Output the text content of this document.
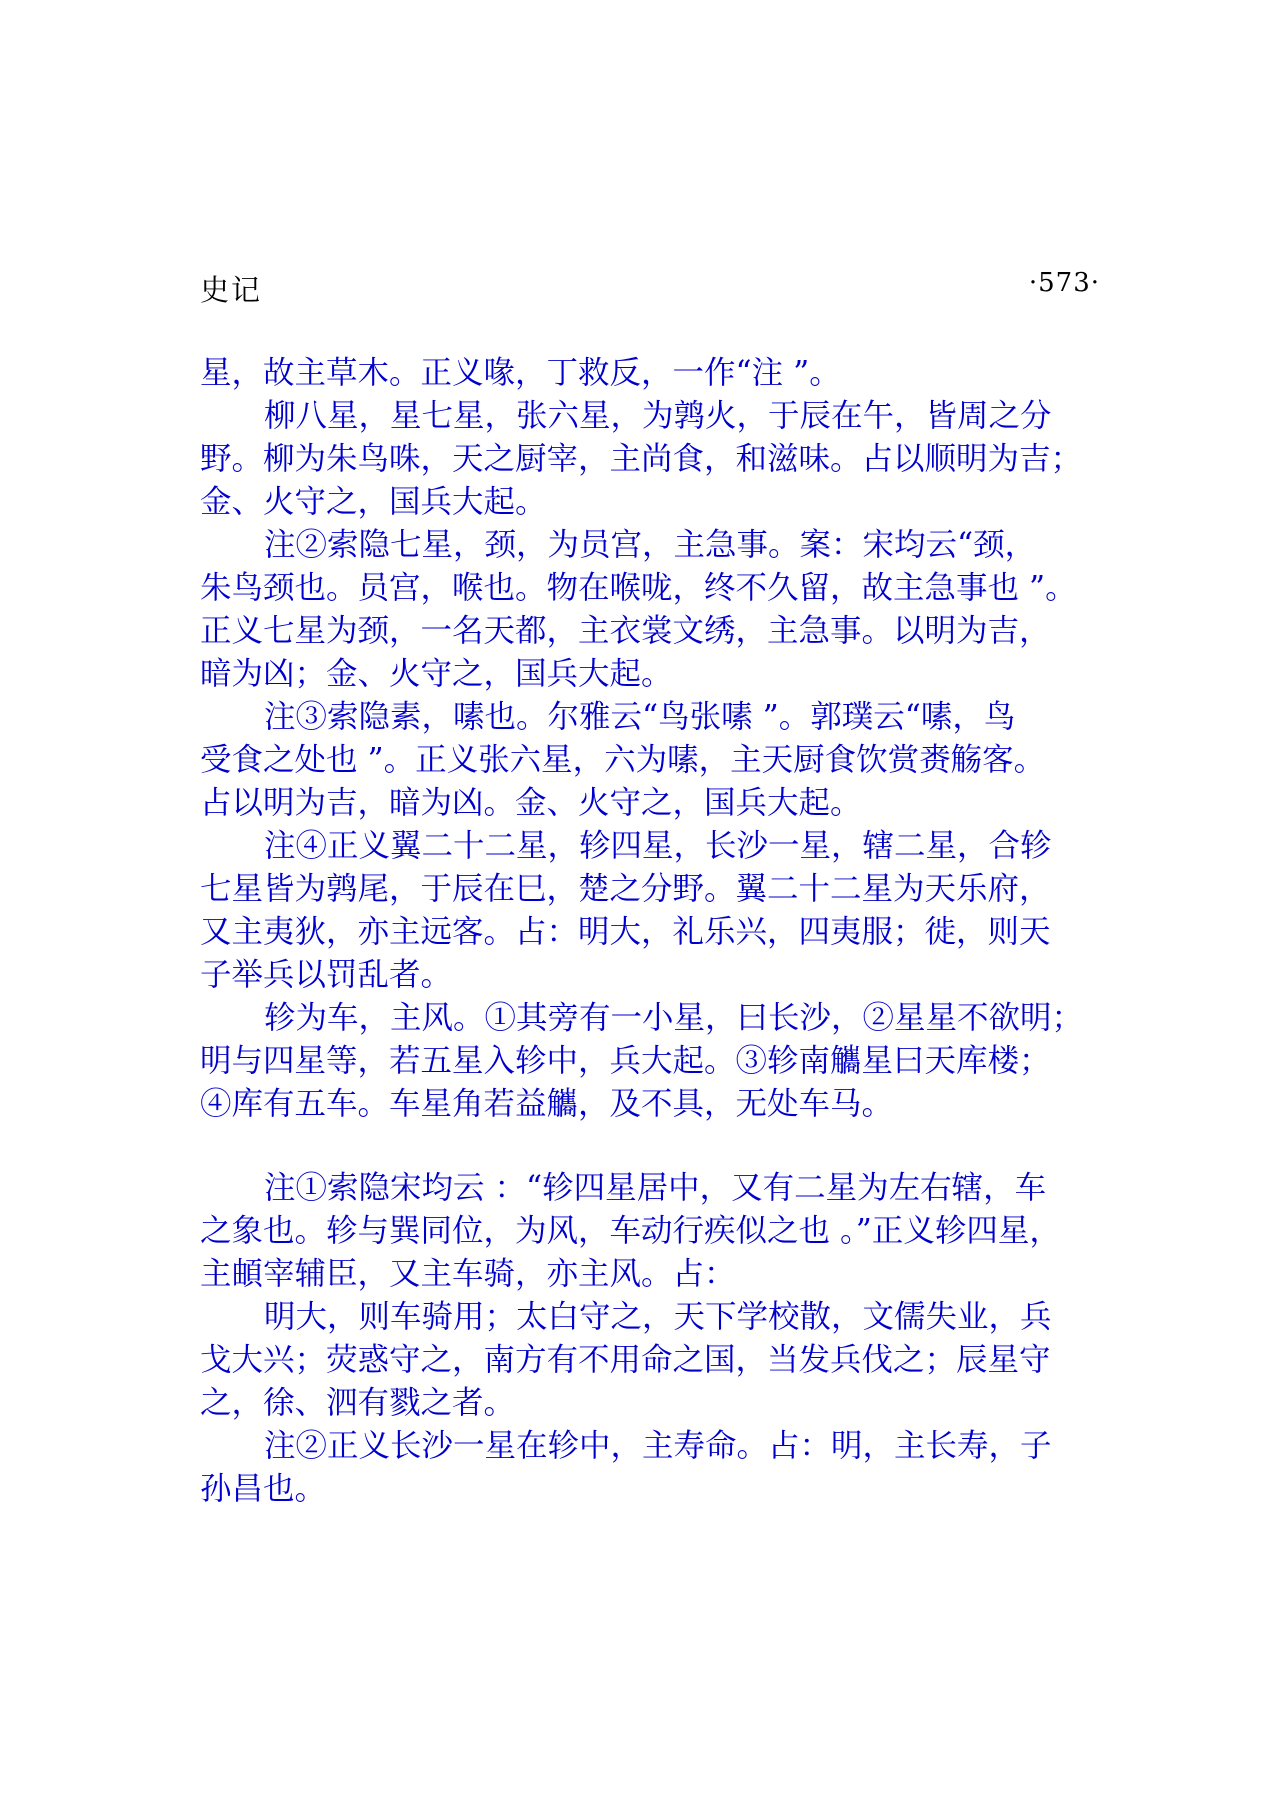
史记	·573·
星，故主草木。正义喙，丁救反，一作“注 ”。
柳八星，星七星，张六星，为鹑火，于辰在午，皆周之分
野。柳为朱鸟咮，天之厨宰，主尚食，和滋味。占以顺明为吉；
金、火守之，国兵大起。
注②索隐七星，颈，为员宫，主急事。案：宋均云“颈，
朱鸟颈也。员宫，喉也。物在喉咙，终不久留，故主急事也 ”。
正义七星为颈，一名天都，主衣裳文绣，主急事。以明为吉，
暗为凶；金、火守之，国兵大起。
注③索隐素，嗉也。尔雅云“鸟张嗉 ”。郭璞云“嗉，鸟
受食之处也 ”。正义张六星，六为嗉，主天厨食饮赏赉觞客。
占以明为吉，暗为凶。金、火守之，国兵大起。
注④正义翼二十二星，轸四星，长沙一星，辖二星，合轸
七星皆为鹑尾，于辰在巳，楚之分野。翼二十二星为天乐府，
又主夷狄，亦主远客。占：明大，礼乐兴，四夷服；徙，则天
子举兵以罚乱者。
轸为车，主风。①其旁有一小星，曰长沙，②星星不欲明；
明与四星等，若五星入轸中，兵大起。③轸南觿星曰天库楼；
④库有五车。车星角若益觿，及不具，无处车马。
注①索隐宋均云 ：“轸四星居中，又有二星为左右辖，车
之象也。轸与巽同位，为风，车动行疾似之也 。”正义轸四星，
主頔宰辅臣，又主车骑，亦主风。占：
明大，则车骑用；太白守之，天下学校散，文儒失业，兵
戈大兴；荧惑守之，南方有不用命之国，当发兵伐之；辰星守
之，徐、泗有戮之者。
注②正义长沙一星在轸中，主寿命。占：明，主长寿，子
孙昌也。
